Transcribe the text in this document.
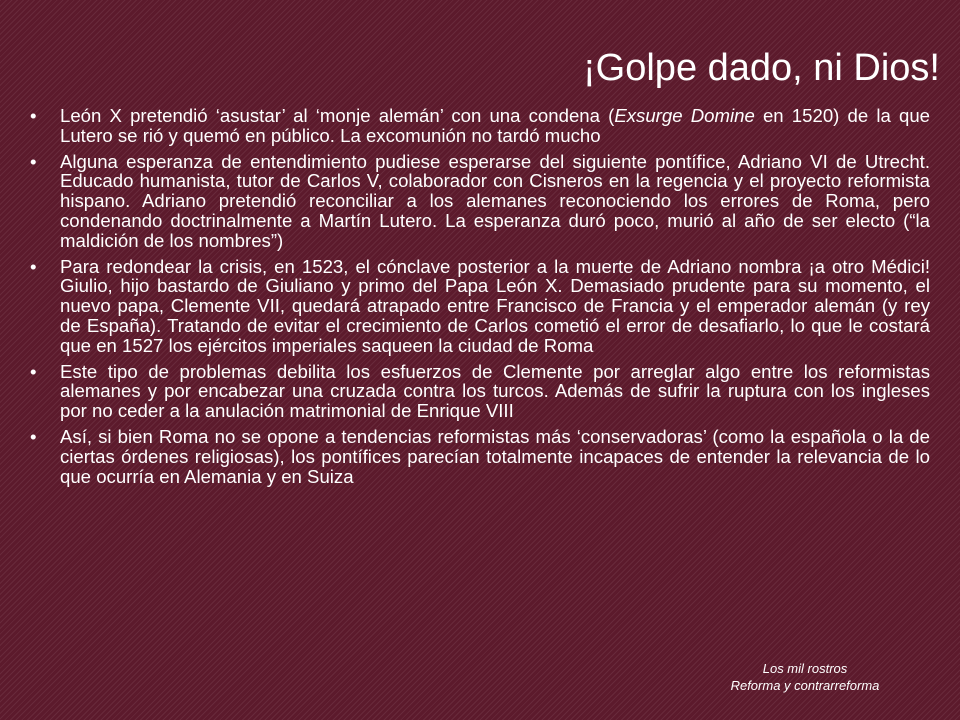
¡Golpe dado, ni Dios!
• León X pretendió ‘asustar’ al ‘monje alemán’ con una condena (Exsurge Domine en 1520) de la que Lutero se rió y quemó en público. La excomunión no tardó mucho
• Alguna esperanza de entendimiento pudiese esperarse del siguiente pontífice, Adriano VI de Utrecht. Educado humanista, tutor de Carlos V, colaborador con Cisneros en la regencia y el proyecto reformista hispano. Adriano pretendió reconciliar a los alemanes reconociendo los errores de Roma, pero condenando doctrinalmente a Martín Lutero. La esperanza duró poco, murió al año de ser electo (“la maldición de los nombres”)
• Para redondear la crisis, en 1523, el cónclave posterior a la muerte de Adriano nombra ¡a otro Médici! Giulio, hijo bastardo de Giuliano y primo del Papa León X. Demasiado prudente para su momento, el nuevo papa, Clemente VII, quedará atrapado entre Francisco de Francia y el emperador alemán (y rey de España). Tratando de evitar el crecimiento de Carlos cometió el error de desafiarlo, lo que le costará que en 1527 los ejércitos imperiales saqueen la ciudad de Roma
• Este tipo de problemas debilita los esfuerzos de Clemente por arreglar algo entre los reformistas alemanes y por encabezar una cruzada contra los turcos. Además de sufrir la ruptura con los ingleses por no ceder a la anulación matrimonial de Enrique VIII
• Así, si bien Roma no se opone a tendencias reformistas más ‘conservadoras’ (como la española o la de ciertas órdenes religiosas), los pontífices parecían totalmente incapaces de entender la relevancia de lo que ocurría en Alemania y en Suiza
Los mil rostros
Reforma y contrarreforma
